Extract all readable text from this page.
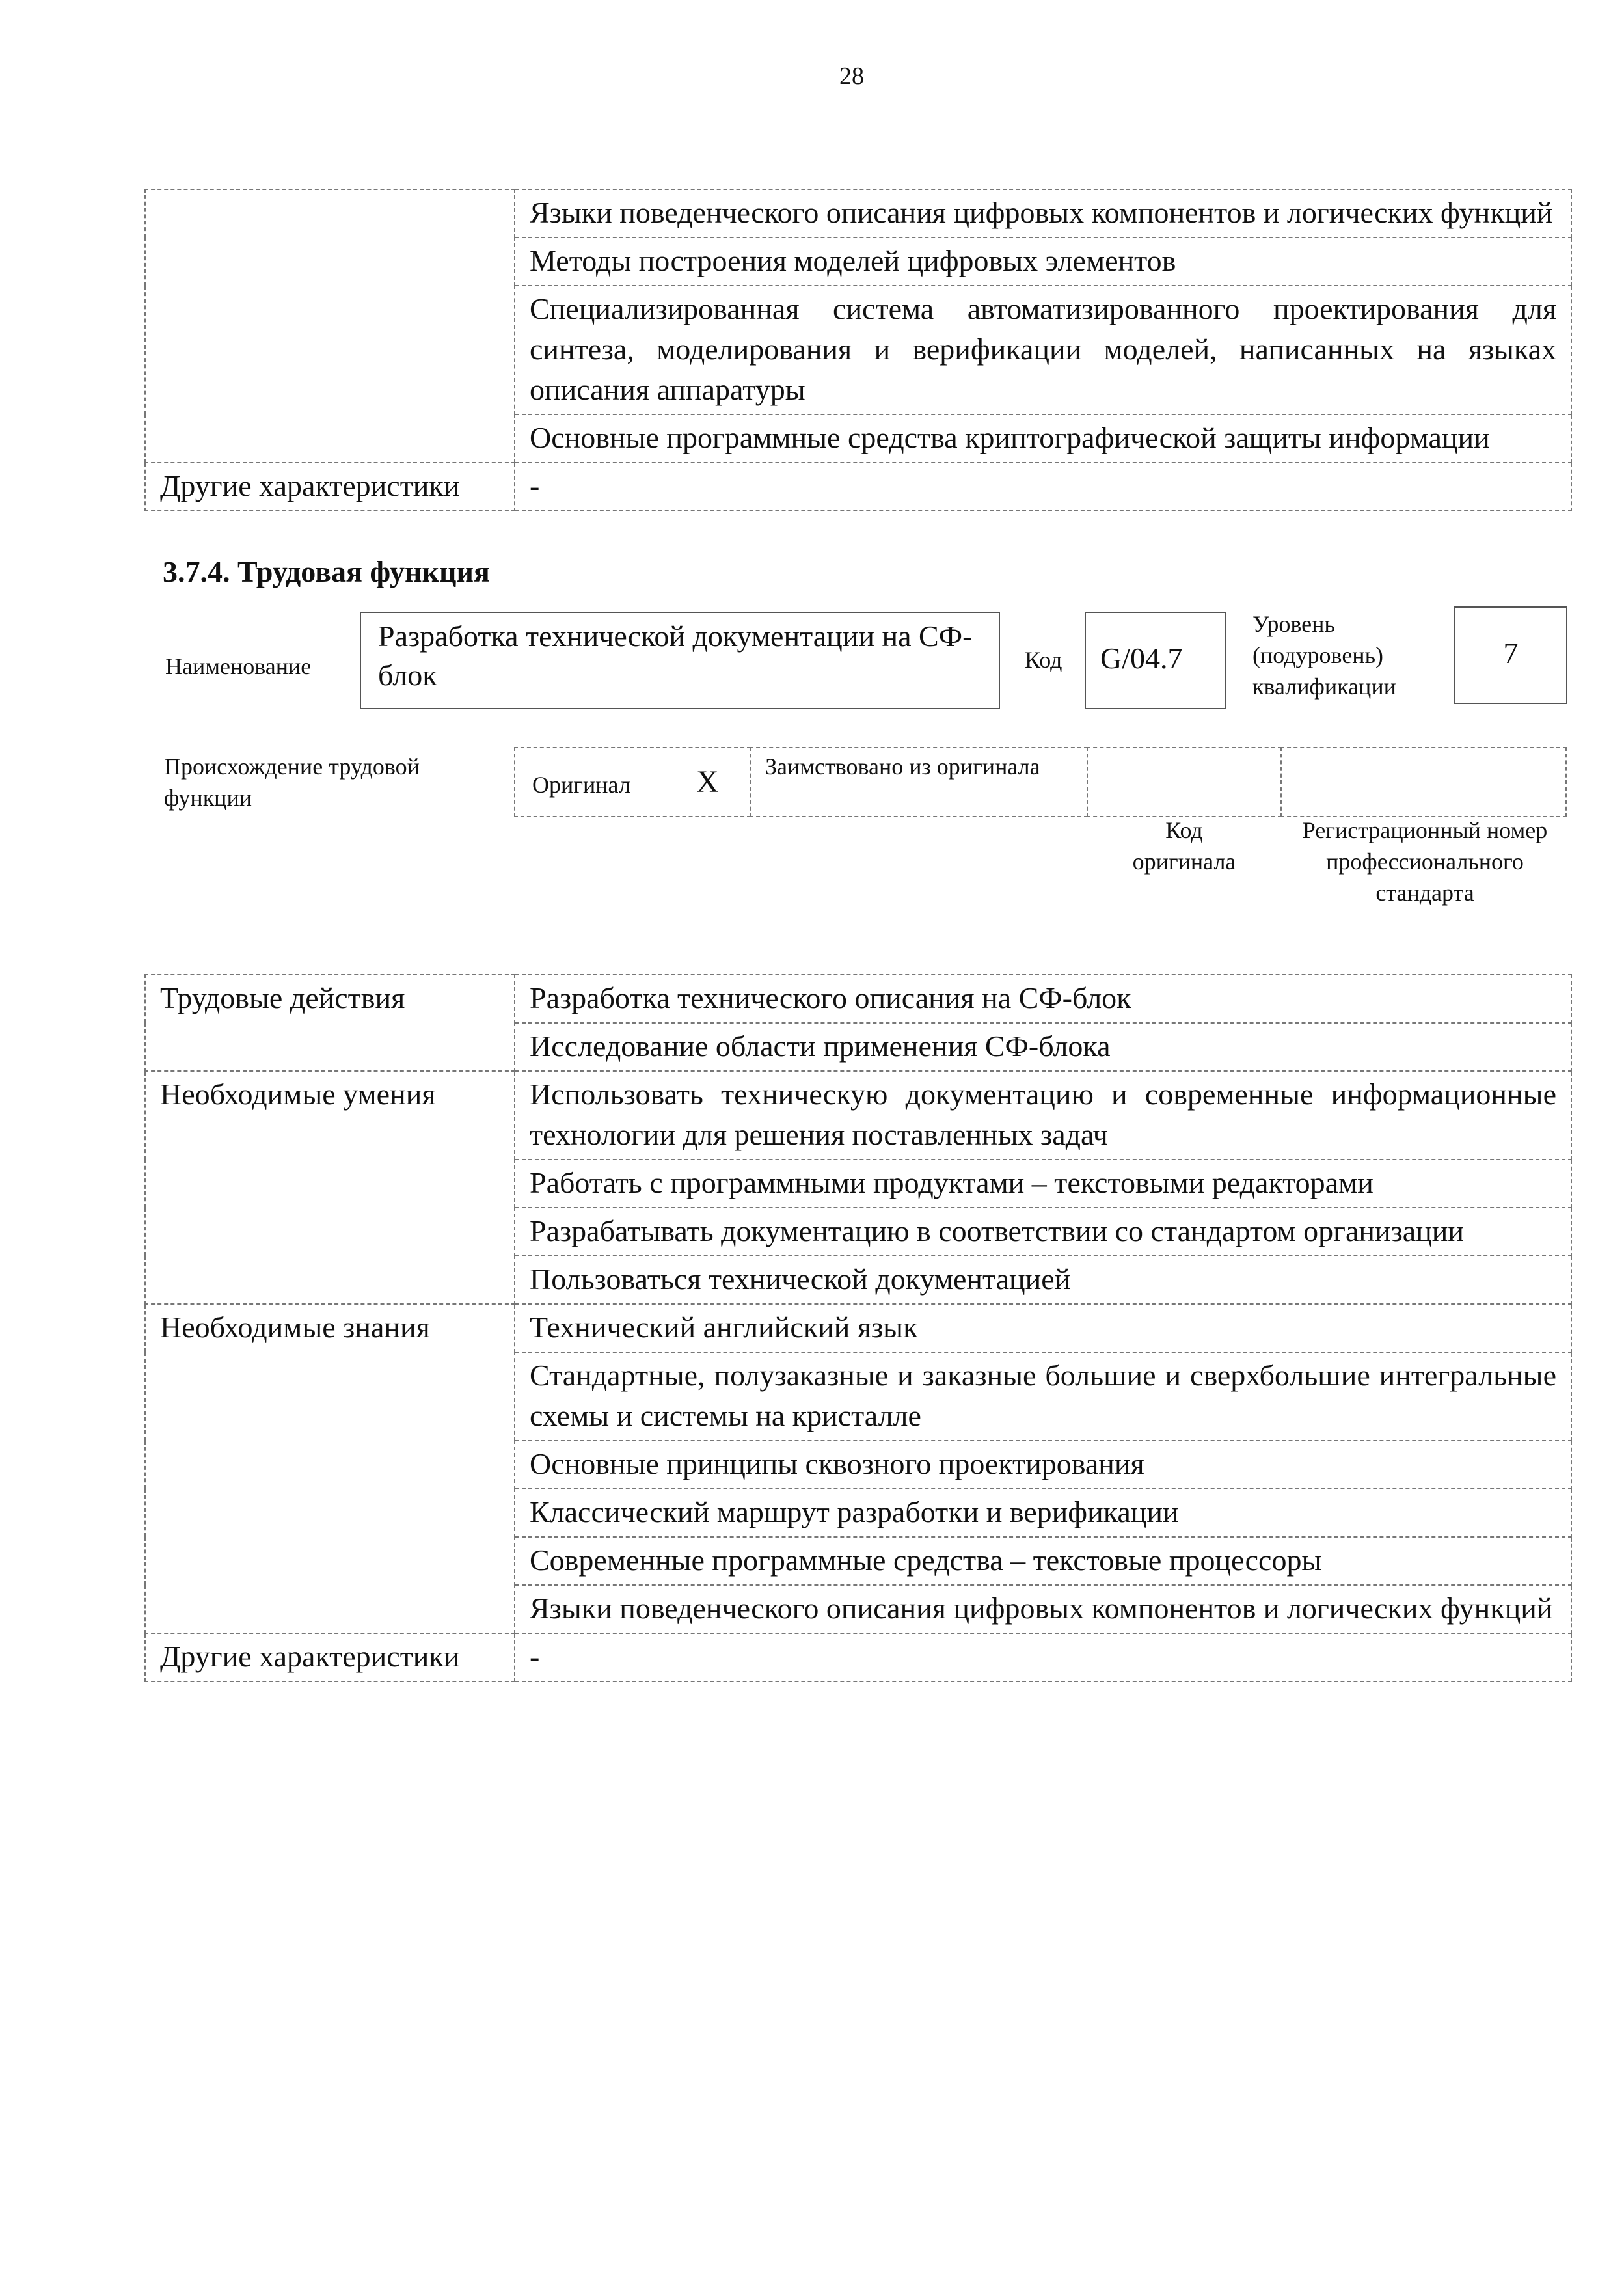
28
	Языки поведенческого описания цифровых компонентов и логических функций
	Методы построения моделей цифровых элементов
	Специализированная система автоматизированного проектирования для синтеза, моделирования и верификации моделей, написанных на языках описания аппаратуры
	Основные программные средства криптографической защиты информации
Другие характеристики	-
3.7.4. Трудовая функция
Наименование
Разработка технической документации на СФ-блок	Код G/04.7
Уровень (подуровень) квалификации
7
Происхождение трудовой функции	Оригинал X Заимствовано из оригинала
Код оригинала
Регистрационный номер профессионального стандарта
Трудовые действия	Разработка технического описания на СФ-блок
	Исследование области применения СФ-блока
Необходимые умения	Использовать техническую документацию и современные информационные технологии для решения поставленных задач
	Работать с программными продуктами – текстовыми редакторами
	Разрабатывать документацию в соответствии со стандартом организации
	Пользоваться технической документацией
Необходимые знания	Технический английский язык
	Стандартные, полузаказные и заказные большие и сверхбольшие интегральные схемы и системы на кристалле
	Основные принципы сквозного проектирования
	Классический маршрут разработки и верификации
	Современные программные средства – текстовые процессоры
	Языки поведенческого описания цифровых компонентов и логических функций
Другие характеристики	-
